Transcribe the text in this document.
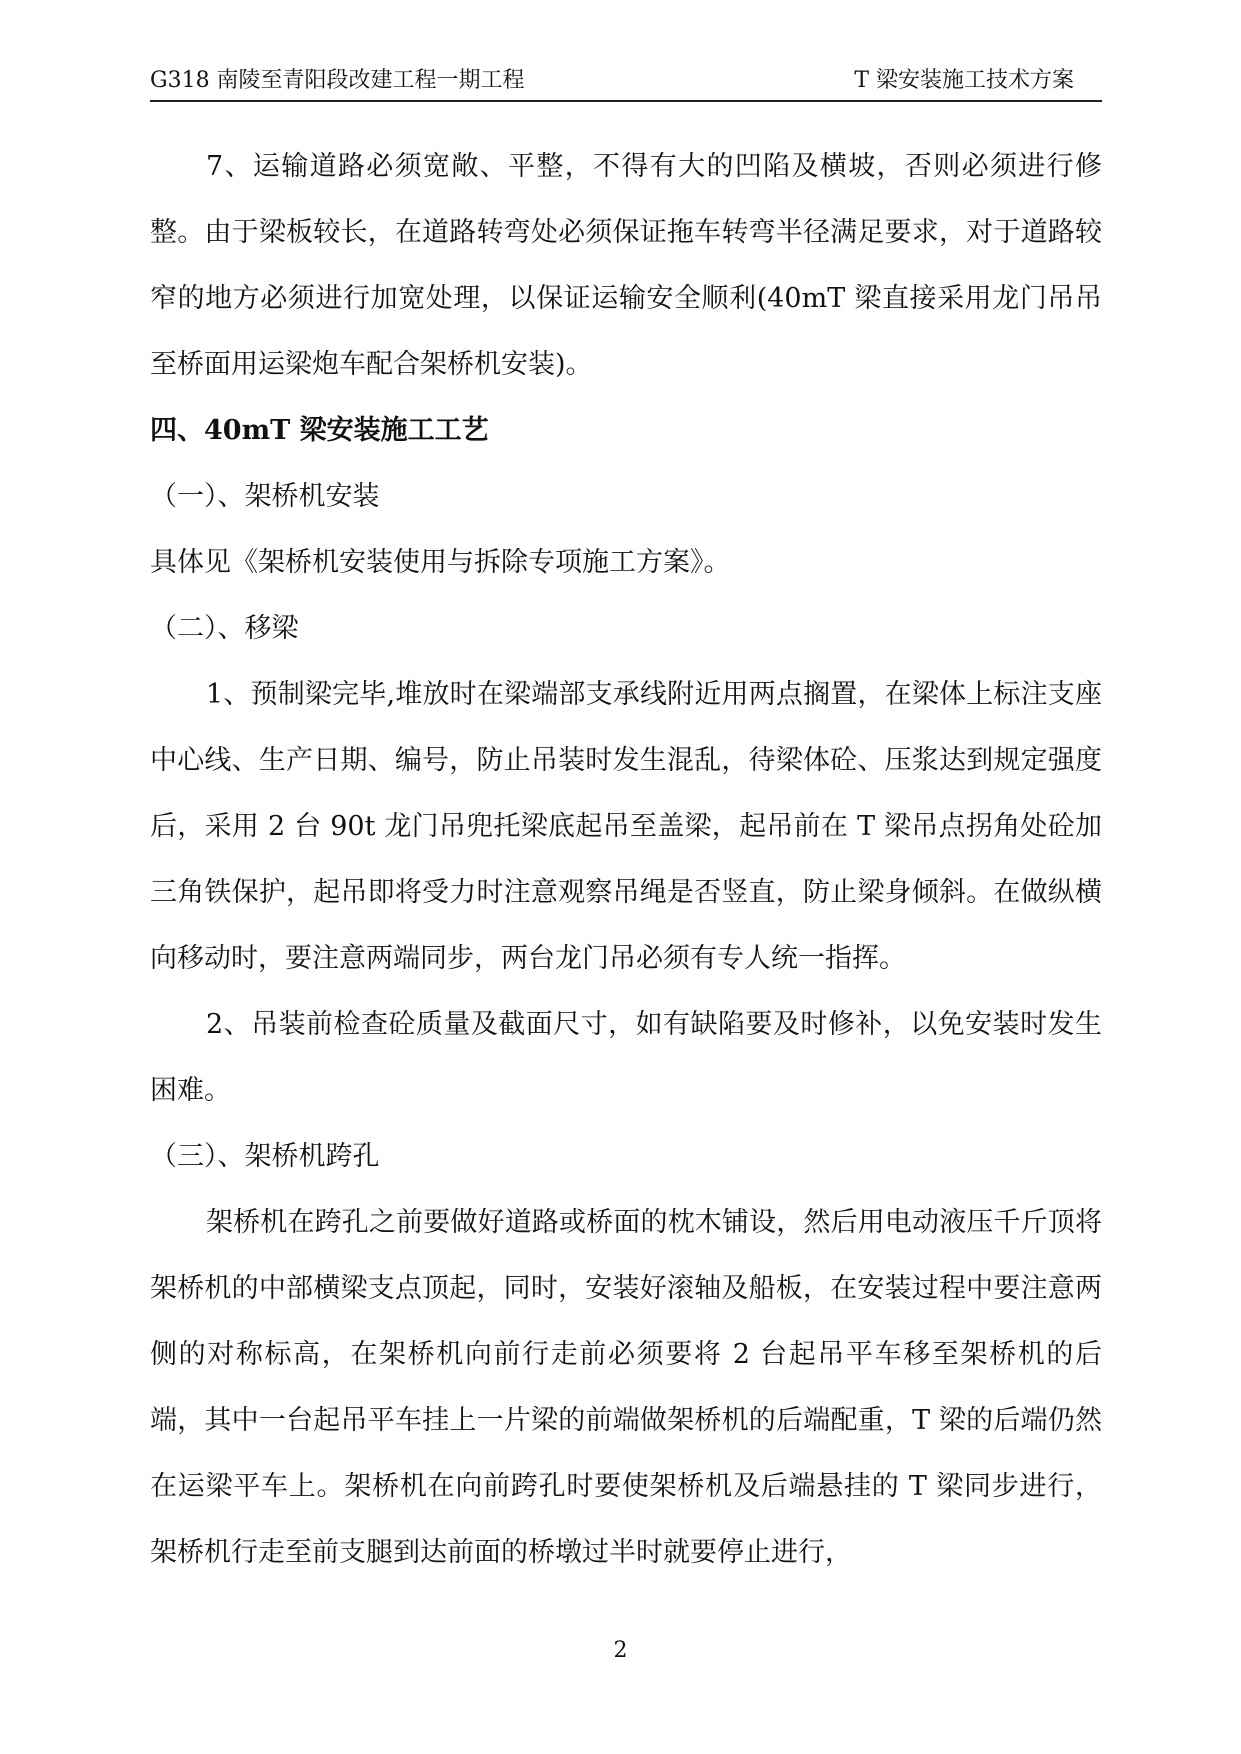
G318 南陵至青阳段改建工程一期工程	T 梁安装施工技术方案

7、运输道路必须宽敞、平整，不得有大的凹陷及横坡，否则必须进行修整。由于梁板较长，在道路转弯处必须保证拖车转弯半径满足要求，对于道路较窄的地方必须进行加宽处理，以保证运输安全顺利(40mT 梁直接采用龙门吊吊至桥面用运梁炮车配合架桥机安装)。

四、40mT 梁安装施工工艺

（一）、架桥机安装

具体见《架桥机安装使用与拆除专项施工方案》。

（二）、移梁

1、预制梁完毕,堆放时在梁端部支承线附近用两点搁置，在梁体上标注支座中心线、生产日期、编号，防止吊装时发生混乱，待梁体砼、压浆达到规定强度后，采用 2 台 90t 龙门吊兜托梁底起吊至盖梁，起吊前在 T 梁吊点拐角处砼加三角铁保护，起吊即将受力时注意观察吊绳是否竖直，防止梁身倾斜。在做纵横向移动时，要注意两端同步，两台龙门吊必须有专人统一指挥。

2、吊装前检查砼质量及截面尺寸，如有缺陷要及时修补，以免安装时发生困难。

（三）、架桥机跨孔

架桥机在跨孔之前要做好道路或桥面的枕木铺设，然后用电动液压千斤顶将架桥机的中部横梁支点顶起，同时，安装好滚轴及船板，在安装过程中要注意两侧的对称标高，在架桥机向前行走前必须要将 2 台起吊平车移至架桥机的后端，其中一台起吊平车挂上一片梁的前端做架桥机的后端配重，T 梁的后端仍然在运梁平车上。架桥机在向前跨孔时要使架桥机及后端悬挂的 T 梁同步进行，架桥机行走至前支腿到达前面的桥墩过半时就要停止进行，

2
